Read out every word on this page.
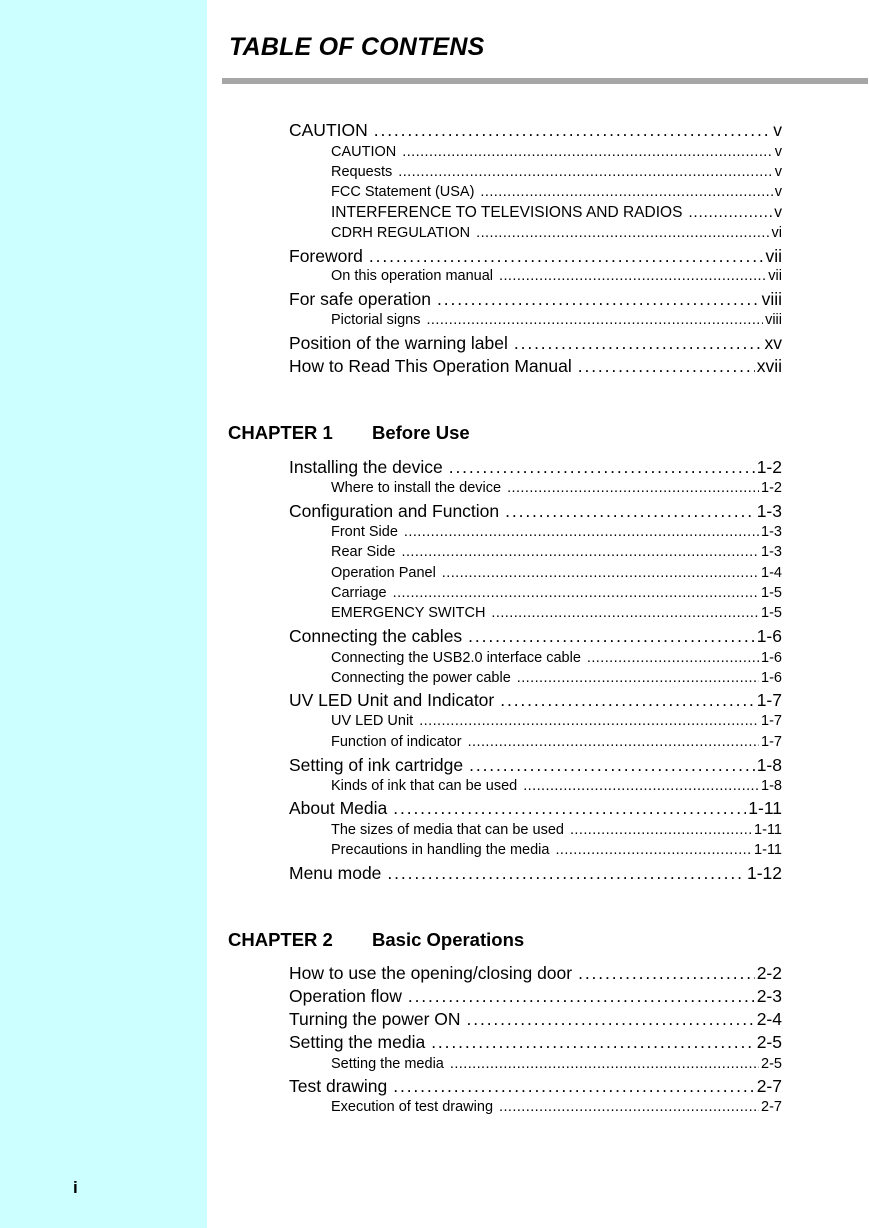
i
TABLE OF CONTENS
CAUTION . . .	v
CAUTION . . .	v
Requests . . .	v
FCC Statement (USA) . . .	v
INTERFERENCE TO TELEVISIONS AND RADIOS . . .	v
CDRH REGULATION . . .	vi
Foreword . . .	vii
On this operation manual . . .	vii
For safe operation . . .	viii
Pictorial signs . . .	viii
Position of the warning label . . .	xv
How to Read This Operation Manual . . .	xvii
CHAPTER 1 Before Use
Installing the device . . .	1-2
Where to install the device . . .	1-2
Configuration and Function . . .	1-3
Front Side . . .	1-3
Rear Side . . .	1-3
Operation Panel . . .	1-4
Carriage . . .	1-5
EMERGENCY SWITCH . . .	1-5
Connecting the cables . . .	1-6
Connecting the USB2.0 interface cable . . .	1-6
Connecting the power cable . . .	1-6
UV LED Unit and Indicator . . .	1-7
UV LED Unit . . .	1-7
Function of indicator . . .	1-7
Setting of ink cartridge . . .	1-8
Kinds of ink that can be used . . .	1-8
About Media . . .	1-11
The sizes of media that can be used . . .	1-11
Precautions in handling the media . . .	1-11
Menu mode . . .	1-12
CHAPTER 2 Basic Operations
How to use the opening/closing door . . .	2-2
Operation flow . . .	2-3
Turning the power ON . . .	2-4
Setting the media . . .	2-5
Setting the media . . .	2-5
Test drawing . . .	2-7
Execution of test drawing . . .	2-7
